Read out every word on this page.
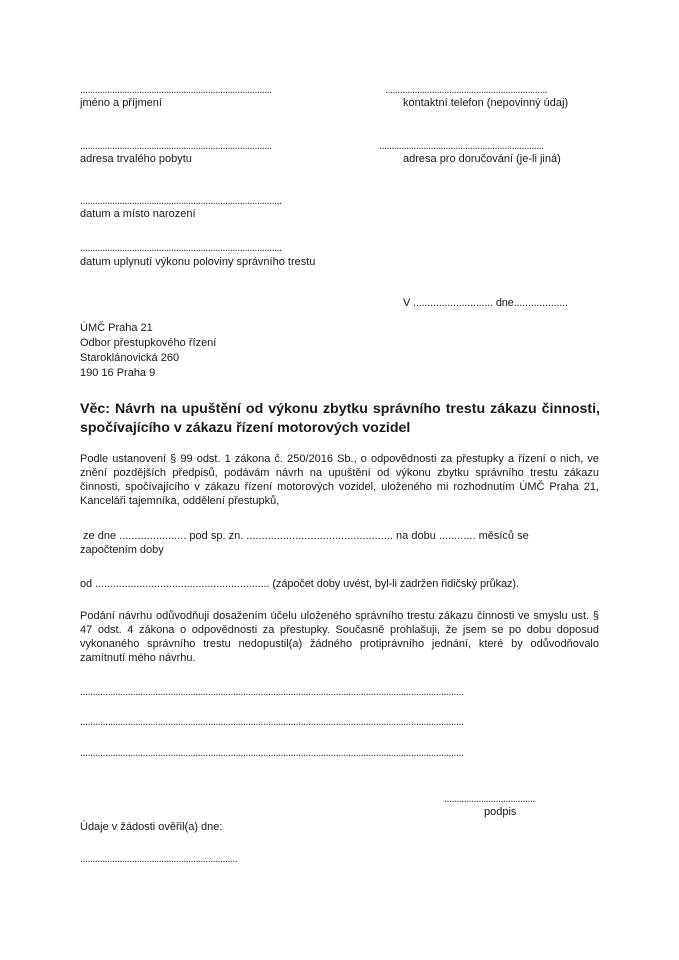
..............................................................................
jméno a příjmení
..................................................................
kontaktní telefon (nepovinný údaj)
..............................................................................
adresa trvalého pobytu
...................................................................
adresa pro doručování (je-li jiná)
..................................................................................
datum a místo narození
..................................................................................
datum uplynutí výkonu poloviny správního trestu
V ............................ dne...................
ÚMČ Praha 21
Odbor přestupkového řízení
Staroklánovická 260
190 16 Praha 9
Věc: Návrh na upuštění od výkonu zbytku správního trestu zákazu činnosti, spočívajícího v zákazu řízení motorových vozidel
Podle ustanovení § 99 odst. 1 zákona č. 250/2016 Sb., o odpovědnosti za přestupky a řízení o nich, ve znění pozdějších předpisů, podávám návrh na upuštění od výkonu zbytku správního trestu zákazu činnosti, spočívajícího v zákazu řízení motorových vozidel, uloženého mi rozhodnutím ÚMČ Praha 21, Kanceláři tajemníka, oddělení přestupků,
ze dne ...................... pod sp. zn. ................................................ na dobu ............ měsíců se
započtením doby
od ........................................................... (zápočet doby uvést, byl-li zadržen řidičský průkaz).
Podání návrhu odůvodňuji dosažením účelu uloženého správního trestu zákazu činnosti ve smyslu ust. § 47 odst. 4 zákona o odpovědnosti za přestupky. Současně prohlašuji, že jsem se po dobu doposud vykonaného správního trestu nedopustil(a) žádného protiprávního jednání, které by odůvodňovalo zamítnutí mého návrhu.
.........................................................................................................................................................
.........................................................................................................................................................
.........................................................................................................................................................
.....................................
podpis
Údaje v žádosti ověřil(a) dne:
................................................................
